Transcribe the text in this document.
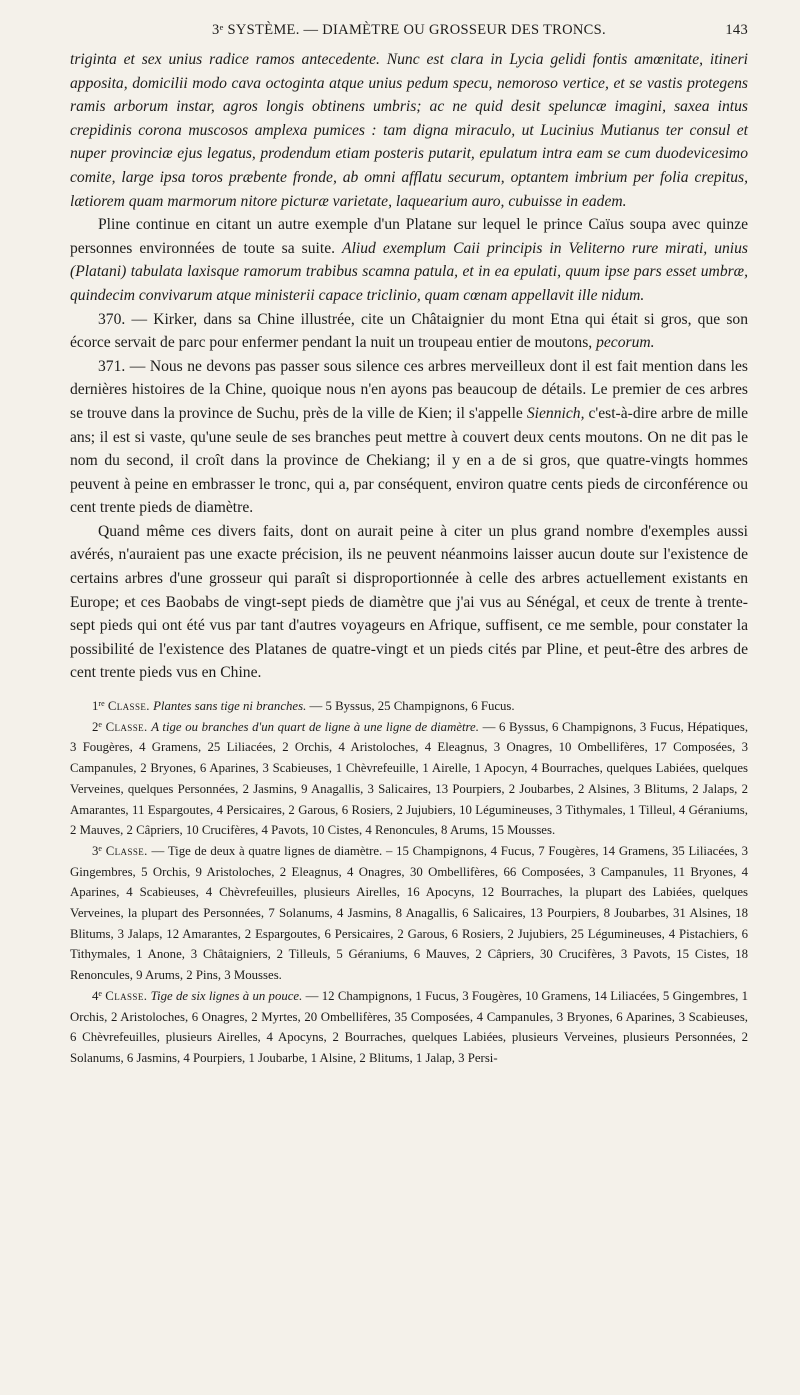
3ᵉ SYSTÈME. — DIAMÈTRE OU GROSSEUR DES TRONCS.	143

triginta et sex unius radice ramos antecedente. Nunc est clara in Lycia gelidi fontis amœnitate, itineri apposita, domicilii modo cava octoginta atque unius pedum specu, nemoroso vertice, et se vastis protegens ramis arborum instar, agros longis obtinens umbris; ac ne quid desit speluncæ imagini, saxea intus crepidinis corona muscosos amplexa pumices : tam digna miraculo, ut Lucinius Mutianus ter consul et nuper provinciæ ejus legatus, prodendum etiam posteris putarit, epulatum intra eam se cum duodevicesimo comite, large ipsa toros præbente fronde, ab omni afflatu securum, optantem imbrium per folia crepitus, lætiorem quam marmorum nitore picturæ varietate, laquearium auro, cubuisse in eadem.

Pline continue en citant un autre exemple d'un Platane sur lequel le prince Caïus soupa avec quinze personnes environnées de toute sa suite. Aliud exemplum Caii principis in Veliterno rure mirati, unius (Platani) tabulata laxisque ramorum trabibus scamna patula, et in ea epulati, quum ipse pars esset umbræ, quindecim convivarum atque ministerii capace triclinio, quam cœnam appellavit ille nidum.

370. — Kirker, dans sa Chine illustrée, cite un Châtaignier du mont Etna qui était si gros, que son écorce servait de parc pour enfermer pendant la nuit un troupeau entier de moutons, pecorum.

371. — Nous ne devons pas passer sous silence ces arbres merveilleux dont il est fait mention dans les dernières histoires de la Chine, quoique nous n'en ayons pas beaucoup de détails. Le premier de ces arbres se trouve dans la province de Suchu, près de la ville de Kien; il s'appelle Siennich, c'est-à-dire arbre de mille ans; il est si vaste, qu'une seule de ses branches peut mettre à couvert deux cents moutons. On ne dit pas le nom du second, il croît dans la province de Chekiang; il y en a de si gros, que quatre-vingts hommes peuvent à peine en embrasser le tronc, qui a, par conséquent, environ quatre cents pieds de circonférence ou cent trente pieds de diamètre.

Quand même ces divers faits, dont on aurait peine à citer un plus grand nombre d'exemples aussi avérés, n'auraient pas une exacte précision, ils ne peuvent néanmoins laisser aucun doute sur l'existence de certains arbres d'une grosseur qui paraît si disproportionnée à celle des arbres actuellement existants en Europe; et ces Baobabs de vingt-sept pieds de diamètre que j'ai vus au Sénégal, et ceux de trente à trente-sept pieds qui ont été vus par tant d'autres voyageurs en Afrique, suffisent, ce me semble, pour constater la possibilité de l'existence des Platanes de quatre-vingt et un pieds cités par Pline, et peut-être des arbres de cent trente pieds vus en Chine.

1re Classe. Plantes sans tige ni branches. — 5 Byssus, 25 Champignons, 6 Fucus.

2e Classe. A tige ou branches d'un quart de ligne à une ligne de diamètre. — 6 Byssus, 6 Champignons, 3 Fucus, Hépatiques, 3 Fougères, 4 Gramens, 25 Liliacées, 2 Orchis, 4 Aristoloches, 4 Eleagnus, 3 Onagres, 10 Ombellifères, 17 Composées, 3 Campanules, 2 Bryones, 6 Aparines, 3 Scabieuses, 1 Chèvrefeuille, 1 Airelle, 1 Apocyn, 4 Bourraches, quelques Labiées, quelques Verveines, quelques Personnées, 2 Jasmins, 9 Anagallis, 3 Salicaires, 13 Pourpiers, 2 Joubarbes, 2 Alsines, 3 Blitums, 2 Jalaps, 2 Amarantes, 11 Espargoutes, 4 Persicaires, 2 Garous, 6 Rosiers, 2 Jujubiers, 10 Légumineuses, 3 Tithymales, 1 Tilleul, 4 Géraniums, 2 Mauves, 2 Câpriers, 10 Crucifères, 4 Pavots, 10 Cistes, 4 Renoncules, 8 Arums, 15 Mousses.

3e Classe. — Tige de deux à quatre lignes de diamètre. – 15 Champignons, 4 Fucus, 7 Fougères, 14 Gramens, 35 Liliacées, 3 Gingembres, 5 Orchis, 9 Aristoloches, 2 Eleagnus, 4 Onagres, 30 Ombellifères, 66 Composées, 3 Campanules, 11 Bryones, 4 Aparines, 4 Scabieuses, 4 Chèvrefeuilles, plusieurs Airelles, 16 Apocyns, 12 Bourraches, la plupart des Labiées, quelques Verveines, la plupart des Personnées, 7 Solanums, 4 Jasmins, 8 Anagallis, 6 Salicaires, 13 Pourpiers, 8 Joubarbes, 31 Alsines, 18 Blitums, 3 Jalaps, 12 Amarantes, 2 Espargoutes, 6 Persicaires, 2 Garous, 6 Rosiers, 2 Jujubiers, 25 Légumineuses, 4 Pistachiers, 6 Tithymales, 1 Anone, 3 Châtaigniers, 2 Tilleuls, 5 Géraniums, 6 Mauves, 2 Câpriers, 30 Crucifères, 3 Pavots, 15 Cistes, 18 Renoncules, 9 Arums, 2 Pins, 3 Mousses.

4e Classe. Tige de six lignes à un pouce. — 12 Champignons, 1 Fucus, 3 Fougères, 10 Gramens, 14 Liliacées, 5 Gingembres, 1 Orchis, 2 Aristoloches, 6 Onagres, 2 Myrtes, 20 Ombellifères, 35 Composées, 4 Campanules, 3 Bryones, 6 Aparines, 3 Scabieuses, 6 Chèvrefeuilles, plusieurs Airelles, 4 Apocyns, 2 Bourraches, quelques Labiées, plusieurs Verveines, plusieurs Personnées, 2 Solanums, 6 Jasmins, 4 Pourpiers, 1 Joubarbe, 1 Alsine, 2 Blitums, 1 Jalap, 3 Persi-
